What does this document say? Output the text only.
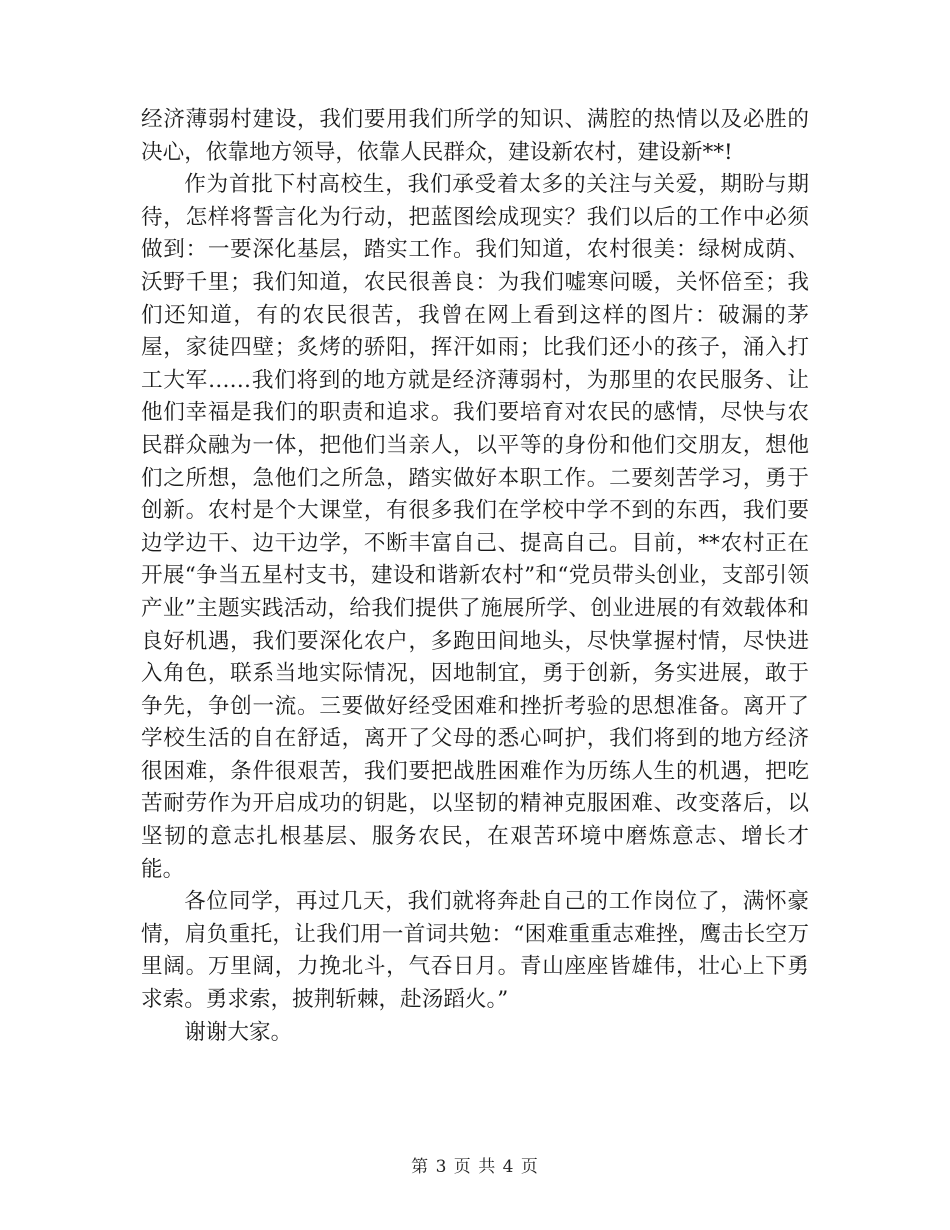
经济薄弱村建设，我们要用我们所学的知识、满腔的热情以及必胜的决心，依靠地方领导，依靠人民群众，建设新农村，建设新**!

作为首批下村高校生，我们承受着太多的关注与关爱，期盼与期待，怎样将誓言化为行动，把蓝图绘成现实？我们以后的工作中必须做到：一要深化基层，踏实工作。我们知道，农村很美：绿树成荫、沃野千里；我们知道，农民很善良：为我们嘘寒问暖，关怀倍至；我们还知道，有的农民很苦，我曾在网上看到这样的图片：破漏的茅屋，家徒四壁；炙烤的骄阳，挥汗如雨；比我们还小的孩子，涌入打工大军……我们将到的地方就是经济薄弱村，为那里的农民服务、让他们幸福是我们的职责和追求。我们要培育对农民的感情，尽快与农民群众融为一体，把他们当亲人，以平等的身份和他们交朋友，想他们之所想，急他们之所急，踏实做好本职工作。二要刻苦学习，勇于创新。农村是个大课堂，有很多我们在学校中学不到的东西，我们要边学边干、边干边学，不断丰富自己、提高自己。目前，**农村正在开展“争当五星村支书，建设和谐新农村”和“党员带头创业，支部引领产业”主题实践活动，给我们提供了施展所学、创业进展的有效载体和良好机遇，我们要深化农户，多跑田间地头，尽快掌握村情，尽快进入角色，联系当地实际情况，因地制宜，勇于创新，务实进展，敢于争先，争创一流。三要做好经受困难和挫折考验的思想准备。离开了学校生活的自在舒适，离开了父母的悉心呵护，我们将到的地方经济很困难，条件很艰苦，我们要把战胜困难作为历练人生的机遇，把吃苦耐劳作为开启成功的钥匙，以坚韧的精神克服困难、改变落后，以坚韧的意志扎根基层、服务农民，在艰苦环境中磨炼意志、增长才能。

各位同学，再过几天，我们就将奔赴自己的工作岗位了，满怀豪情，肩负重托，让我们用一首词共勉：“困难重重志难挫，鹰击长空万里阔。万里阔，力挽北斗，气吞日月。青山座座皆雄伟，壮心上下勇求索。勇求索，披荆斩棘，赴汤蹈火。”

谢谢大家。

第 3 页 共 4 页
